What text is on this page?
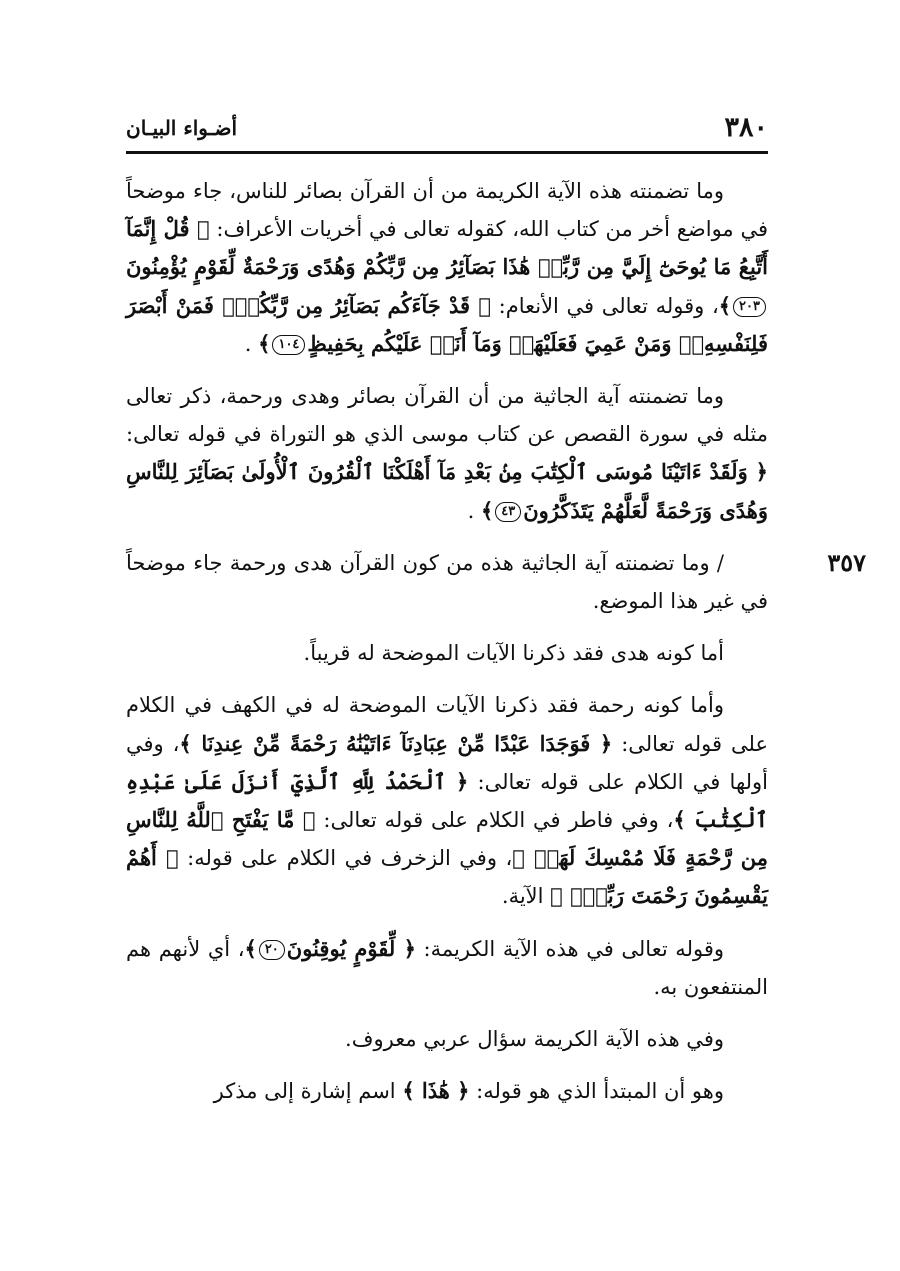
٣٨٠
أضـواء البيـان

وما تضمنته هذه الآية الكريمة من أن القرآن بصائر للناس، جاء موضحاً في مواضع أخر من كتاب الله، كقوله تعالى في أخريات الأعراف: ﴿ قُلْ إِنَّمَآ أَتَّبِعُ مَا يُوحَىٰٓ إِلَيَّ مِن رَّبِّيۚ هَٰذَا بَصَآئِرُ مِن رَّبِّكُمْ وَهُدًى وَرَحْمَةٌ لِّقَوْمٍ يُؤْمِنُونَ٢٠٣﴾، وقوله تعالى في الأنعام: ﴿ قَدْ جَآءَكُم بَصَآئِرُ مِن رَّبِّكُمْۖ فَمَنْ أَبْصَرَ فَلِنَفْسِهِۦۖ وَمَنْ عَمِيَ فَعَلَيْهَاۚ وَمَآ أَنَا۠ عَلَيْكُم بِحَفِيظٍ١٠٤﴾ .

وما تضمنته آية الجاثية من أن القرآن بصائر وهدى ورحمة، ذكر تعالى مثله في سورة القصص عن كتاب موسى الذي هو التوراة في قوله تعالى: ﴿ وَلَقَدْ ءَاتَيْنَا مُوسَى ٱلْكِتَٰبَ مِنۢ بَعْدِ مَآ أَهْلَكْنَا ٱلْقُرُونَ ٱلْأُولَىٰ بَصَآئِرَ لِلنَّاسِ وَهُدًى وَرَحْمَةً لَّعَلَّهُمْ يَتَذَكَّرُونَ٤٣﴾ .

٣٥٧
/ وما تضمنته آية الجاثية هذه من كون القرآن هدى ورحمة جاء موضحاً في غير هذا الموضع.

أما كونه هدى فقد ذكرنا الآيات الموضحة له قريباً.

وأما كونه رحمة فقد ذكرنا الآيات الموضحة له في الكهف في الكلام على قوله تعالى: ﴿ فَوَجَدَا عَبْدًا مِّنْ عِبَادِنَآ ءَاتَيْنَٰهُ رَحْمَةً مِّنْ عِندِنَا ﴾، وفي أولها في الكلام على قوله تعالى: ﴿ ٱلْحَمْدُ لِلَّهِ ٱلَّذِيٓ أَنزَلَ عَلَىٰ عَبْدِهِ ٱلْكِتَٰبَ ﴾، وفي فاطر في الكلام على قوله تعالى: ﴿ مَّا يَفْتَحِ ٱللَّهُ لِلنَّاسِ مِن رَّحْمَةٍ فَلَا مُمْسِكَ لَهَاۖ ﴾، وفي الزخرف في الكلام على قوله: ﴿ أَهُمْ يَقْسِمُونَ رَحْمَتَ رَبِّكَۚ ﴾ الآية.

وقوله تعالى في هذه الآية الكريمة: ﴿ لِّقَوْمٍ يُوقِنُونَ٢٠﴾، أي لأنهم هم المنتفعون به.

وفي هذه الآية الكريمة سؤال عربي معروف.

وهو أن المبتدأ الذي هو قوله: ﴿ هَٰذَا ﴾ اسم إشارة إلى مذكر
